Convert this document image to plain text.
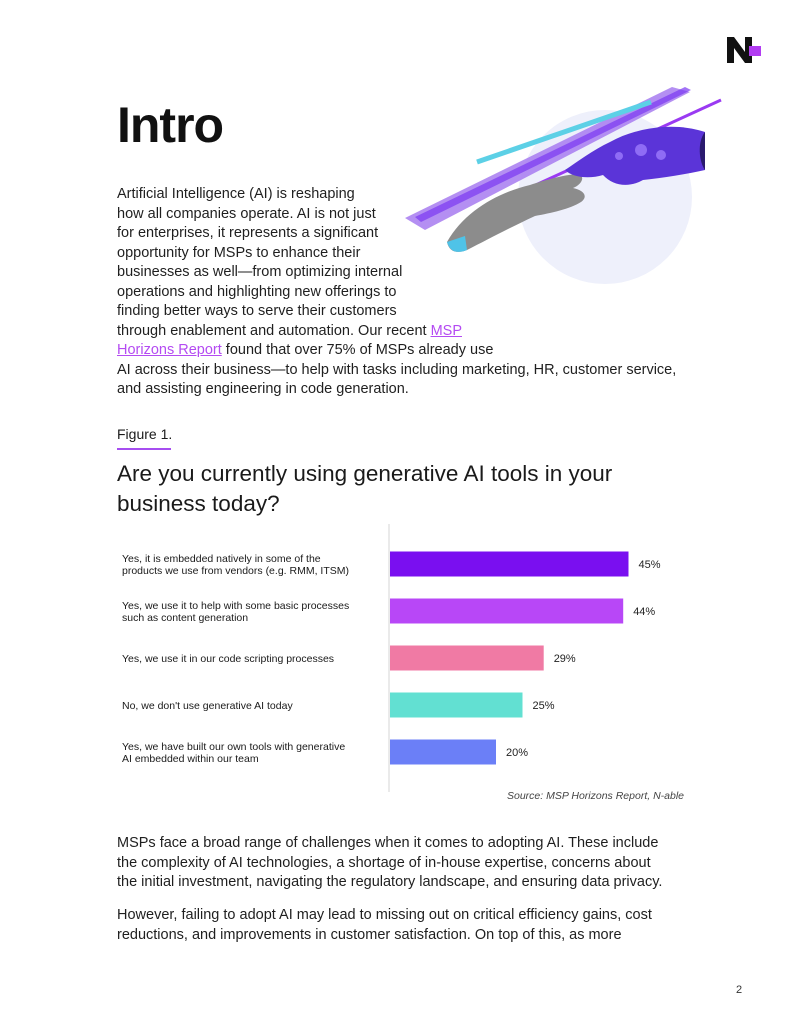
Intro

Artificial Intelligence (AI) is reshaping
how all companies operate. AI is not just
for enterprises, it represents a significant
opportunity for MSPs to enhance their
businesses as well—from optimizing internal
operations and highlighting new offerings to
finding better ways to serve their customers
through enablement and automation. Our recent MSP
Horizons Report found that over 75% of MSPs already use
AI across their business—to help with tasks including marketing, HR, customer service,
and assisting engineering in code generation.

Figure 1.
Are you currently using generative AI tools in your
business today?
45%
Yes, it is embedded natively in some of the
products we use from vendors (e.g. RMM, ITSM)
44%
Yes, we use it to help with some basic processes
such as content generation
29%
Yes, we use it in our code scripting processes
25%
No, we don't use generative AI today
20%
Yes, we have built our own tools with generative
AI embedded within our team
Source: MSP Horizons Report, N-able

MSPs face a broad range of challenges when it comes to adopting AI. These include
the complexity of AI technologies, a shortage of in-house expertise, concerns about
the initial investment, navigating the regulatory landscape, and ensuring data privacy.

However, failing to adopt AI may lead to missing out on critical efficiency gains, cost
reductions, and improvements in customer satisfaction. On top of this, as more

2
